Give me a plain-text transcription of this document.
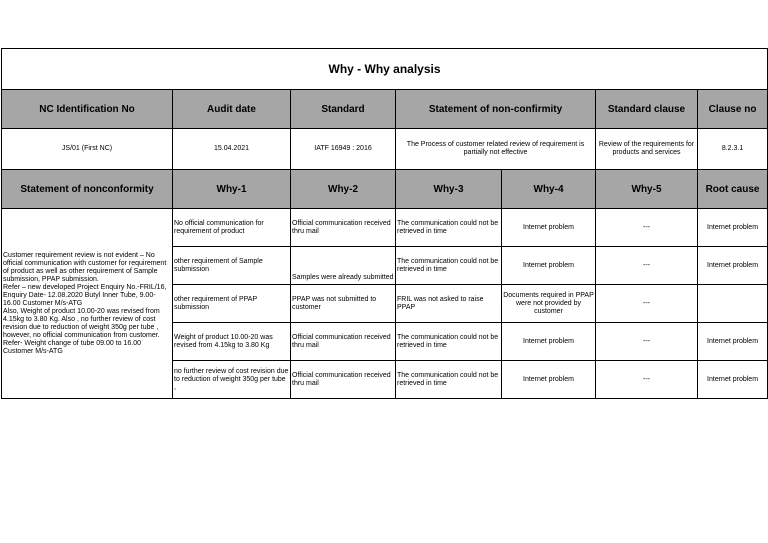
Why - Why analysis						
NC Identification No	Audit date	Standard	Statement of non-confirmity		Standard clause	Clause no
JS/01 (First NC)	15.04.2021	IATF 16949 : 2016	The Process of customer related review of requirement is partially not effective		Review of the requirements for products and services	8.2.3.1
Statement of nonconformity	Why-1	Why-2	Why-3	Why-4	Why-5	Root cause
Customer requirement review is not evident – No official communication with customer for requirement of product as well as other requirement of Sample submission, PPAP submission.
Refer – new developed Project Enquiry No.-FRIL/16, Enquiry Date- 12.08.2020 Butyl Inner Tube, 9.00-16.00 Customer M/s-ATG
Also, Weight of product 10.00-20 was revised from 4.15kg to 3.80 Kg. Also , no further review of cost revision due to reduction of weight 350g per tube , however, no official communication from customer.
Refer- Weight change of tube 09.00 to 16.00 Customer M/s-ATG	No official communication for requirement of product	Official communication received thru mail	The communication could not be retrieved in time	Internet problem	---	Internet problem
	other requirement of Sample submission	Samples were already submitted	The communication could not be retrieved in time	Internet problem	---	Internet problem
	other requirement of PPAP submission	PPAP was not submitted to customer	FRIL was not asked to raise PPAP	Documents required in PPAP were not provided by customer	---	
	Weight of product 10.00-20 was revised from 4.15kg to 3.80 Kg	Official communication received thru mail	The communication could not be retrieved in time	Internet problem	---	Internet problem
	no further review of cost revision due to reduction of weight 350g per tube ,	Official communication received thru mail	The communication could not be retrieved in time	Internet problem	---	Internet problem
